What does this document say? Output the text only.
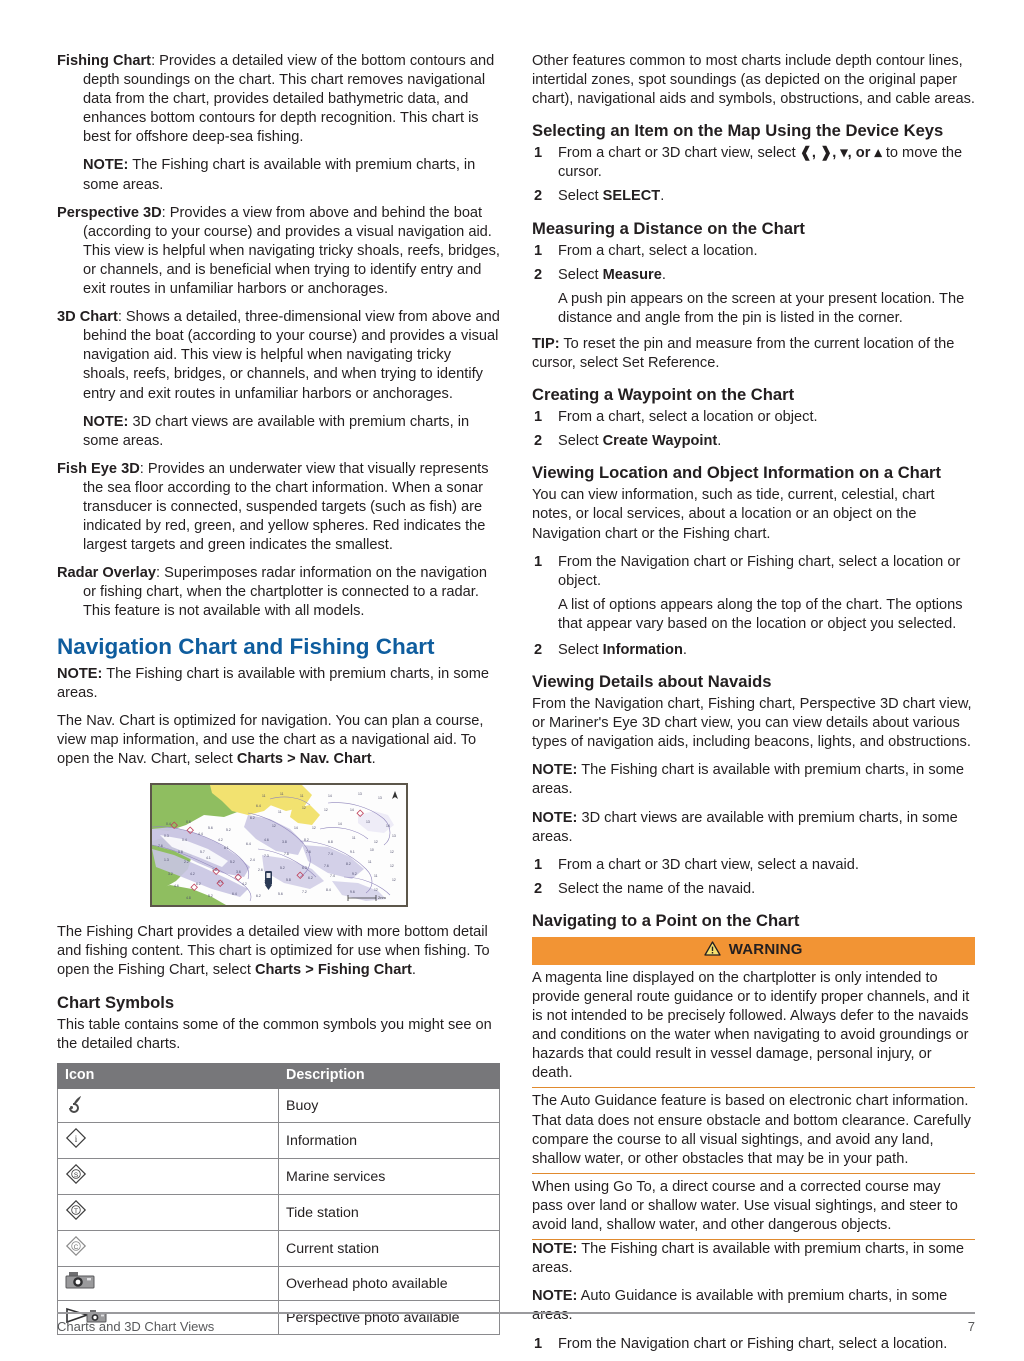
Fishing Chart: Provides a detailed view of the bottom contours and depth soundings on the chart. This chart removes navigational data from the chart, provides detailed bathymetric data, and enhances bottom contours for depth recognition. This chart is best for offshore deep-sea fishing.
NOTE: The Fishing chart is available with premium charts, in some areas.
Perspective 3D: Provides a view from above and behind the boat (according to your course) and provides a visual navigation aid. This view is helpful when navigating tricky shoals, reefs, bridges, or channels, and is beneficial when trying to identify entry and exit routes in unfamiliar harbors or anchorages.
3D Chart: Shows a detailed, three-dimensional view from above and behind the boat (according to your course) and provides a visual navigation aid. This view is helpful when navigating tricky shoals, reefs, bridges, or channels, and when trying to identify entry and exit routes in unfamiliar harbors or anchorages.
NOTE: 3D chart views are available with premium charts, in some areas.
Fish Eye 3D: Provides an underwater view that visually represents the sea floor according to the chart information. When a sonar transducer is connected, suspended targets (such as fish) are indicated by red, green, and yellow spheres. Red indicates the largest targets and green indicates the smallest.
Radar Overlay: Superimposes radar information on the navigation or fishing chart, when the chartplotter is connected to a radar. This feature is not available with all models.
Navigation Chart and Fishing Chart
NOTE: The Fishing chart is available with premium charts, in some areas.
The Nav. Chart is optimized for navigation. You can plan a course, view map information, and use the chart as a navigational aid. To open the Nav. Chart, select Charts > Nav. Chart.
11	11	11	14	13
13
12	12	14
11
6.4
6.2
12	14	12
14	13
14
0.4	0.6
5.6	5.2
0.3
0.4
4.4
4.2
7.6
5.8	5.7
6.1
6.4
4.6	3.8	8.2	6.8
11
12
13
1.3	2.2
4.1
5.2	2.4
7.3	7.8	7.6	7.4	9.1	10	12
3.2	4.2
3.8	3.6	2.6	5.2	6.3	7.6	8.2	11
12
4.6	6.2	5.4	4.2
5.8	6.2	7.4	9.2	11
12
4.8	5.2	6.4	6.2	5.6	7.2	8.4	9.6	12
2nm
The Fishing Chart provides a detailed view with more bottom detail and fishing content. This chart is optimized for use when fishing. To open the Fishing Chart, select Charts > Fishing Chart.
Chart Symbols
This table contains some of the common symbols you might see on the detailed charts.
Icon	Description
	Buoy

i	Information

S	Marine services

T	Tide station

C	Current station
	Overhead photo available
	Perspective photo available
Other features common to most charts include depth contour lines, intertidal zones, spot soundings (as depicted on the original paper chart), navigational aids and symbols, obstructions, and cable areas.
Selecting an Item on the Map Using the Device Keys
1 From a chart or 3D chart view, select ❰, ❱, ▾, or ▴ to move the cursor.
2 Select SELECT.
Measuring a Distance on the Chart
1 From a chart, select a location.
2 Select Measure.
A push pin appears on the screen at your present location. The distance and angle from the pin is listed in the corner.
TIP: To reset the pin and measure from the current location of the cursor, select Set Reference.
Creating a Waypoint on the Chart
1 From a chart, select a location or object.
2 Select Create Waypoint.
Viewing Location and Object Information on a Chart
You can view information, such as tide, current, celestial, chart notes, or local services, about a location or an object on the Navigation chart or the Fishing chart.
1 From the Navigation chart or Fishing chart, select a location or object.
A list of options appears along the top of the chart. The options that appear vary based on the location or object you selected.
2 Select Information.
Viewing Details about Navaids
From the Navigation chart, Fishing chart, Perspective 3D chart view, or Mariner's Eye 3D chart view, you can view details about various types of navigation aids, including beacons, lights, and obstructions.
NOTE: The Fishing chart is available with premium charts, in some areas.
NOTE: 3D chart views are available with premium charts, in some areas.
1 From a chart or 3D chart view, select a navaid.
2 Select the name of the navaid.
Navigating to a Point on the Chart
WARNING
A magenta line displayed on the chartplotter is only intended to provide general route guidance or to identify proper channels, and it is not intended to be precisely followed. Always defer to the navaids and conditions on the water when navigating to avoid groundings or hazards that could result in vessel damage, personal injury, or death.
The Auto Guidance feature is based on electronic chart information. That data does not ensure obstacle and bottom clearance. Carefully compare the course to all visual sightings, and avoid any land, shallow water, or other obstacles that may be in your path.
When using Go To, a direct course and a corrected course may pass over land or shallow water. Use visual sightings, and steer to avoid land, shallow water, and other dangerous objects.
NOTE: The Fishing chart is available with premium charts, in some areas.
NOTE: Auto Guidance is available with premium charts, in some areas.
1 From the Navigation chart or Fishing chart, select a location.
Charts and 3D Chart Views	7
